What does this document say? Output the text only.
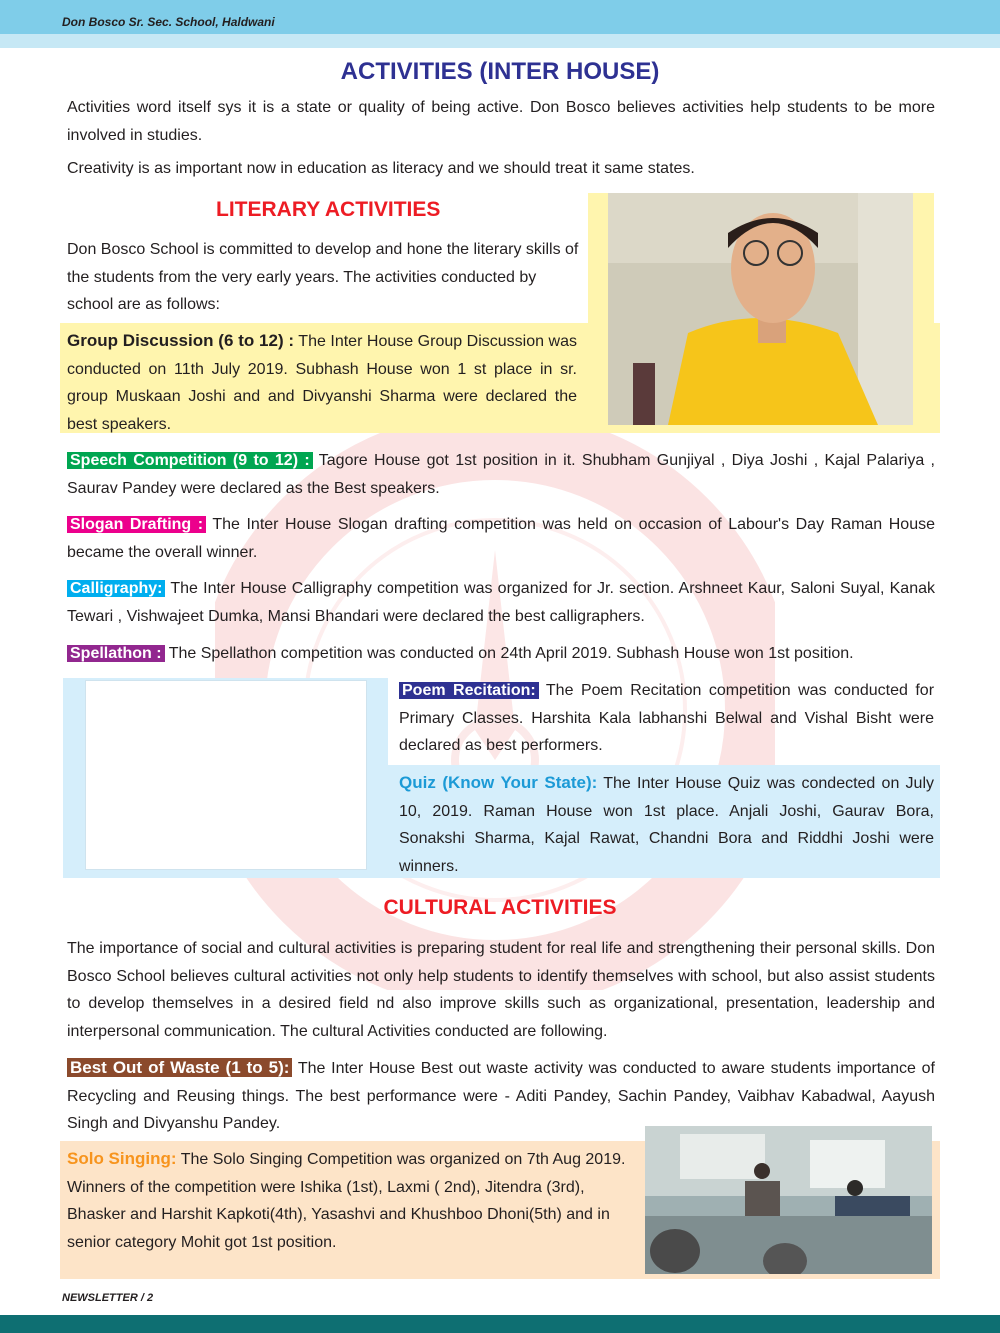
Don Bosco Sr. Sec. School, Haldwani
ACTIVITIES (INTER HOUSE)

Activities word itself sys it is a state or quality of being active. Don Bosco believes activities help students to be more involved in studies.

Creativity is as important now in education as literacy and we should treat it same states.

LITERARY ACTIVITIES

Don Bosco School is committed to develop and hone the literary skills of the students from the very early years. The activities conducted by school are as follows:

Group Discussion (6 to 12) : The Inter House Group Discussion was conducted on 11th July 2019. Subhash House won 1 st place in sr. group Muskaan Joshi and and Divyanshi Sharma were declared the best speakers.

Speech Competition (9 to 12) : Tagore House got 1st position in it. Shubham Gunjiyal , Diya Joshi , Kajal Palariya , Saurav Pandey were declared as the Best speakers.

Slogan Drafting : The Inter House Slogan drafting competition was held on occasion of Labour's Day Raman House became the overall winner.

Calligraphy: The Inter House Calligraphy competition was organized for Jr. section. Arshneet Kaur, Saloni Suyal, Kanak Tewari , Vishwajeet Dumka, Mansi Bhandari were declared the best calligraphers.

Spellathon : The Spellathon competition was conducted on 24th April 2019. Subhash House won 1st position.

Poem Recitation: The Poem Recitation competition was conducted for Primary Classes. Harshita Kala labhanshi Belwal and Vishal Bisht were declared as best performers.

Quiz (Know Your State): The Inter House Quiz was condected on July 10, 2019. Raman House won 1st place. Anjali Joshi, Gaurav Bora, Sonakshi Sharma, Kajal Rawat, Chandni Bora and Riddhi Joshi were winners.

CULTURAL ACTIVITIES

The importance of social and cultural activities is preparing student for real life and strengthening their personal skills. Don Bosco School believes cultural activities not only help students to identify themselves with school, but also assist students to develop themselves in a desired field nd also improve skills such as organizational, presentation, leadership and interpersonal communication. The cultural Activities conducted are following.

Best Out of Waste (1 to 5): The Inter House Best out waste activity was conducted to aware students importance of Recycling and Reusing things. The best performance were - Aditi Pandey, Sachin Pandey, Vaibhav Kabadwal, Aayush Singh and Divyanshu Pandey.

Solo Singing: The Solo Singing Competition was organized on 7th Aug 2019. Winners of the competition were Ishika (1st), Laxmi ( 2nd), Jitendra (3rd), Bhasker and Harshit Kapkoti(4th), Yasashvi and Khushboo Dhoni(5th) and in senior category Mohit got 1st position.

NEWSLETTER / 2
